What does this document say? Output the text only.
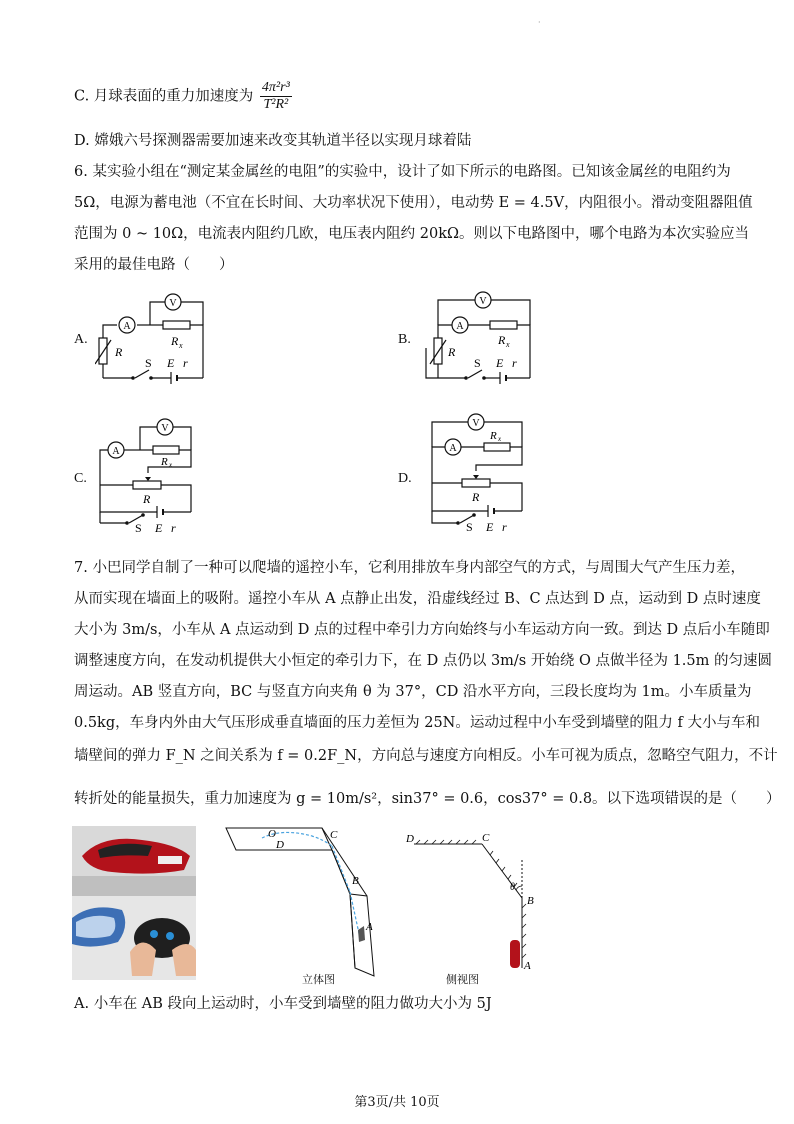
·
C. 月球表面的重力加速度为 $\frac{\text{4π²r³}}{\text{T²R²}}$
D. 嫦娥六号探测器需要加速来改变其轨道半径以实现月球着陆
6. 某实验小组在“测定某金属丝的电阻”的实验中，设计了如下所示的电路图。已知该金属丝的电阻约为
5Ω，电源为蓄电池（不宜在长时间、大功率状况下使用），电动势 E = 4.5V，内阻很小。滑动变阻器阻值
范围为 0 ~ 10Ω，电流表内阻约几欧，电压表内阻约 20kΩ。则以下电路图中，哪个电路为本次实验应当
采用的最佳电路（　　）
A.
A
V
R x
R
S E r
B.
A
V
R x
R
S E r
C.
A
V
R x
R
S E r
D.
A
V
R x
R
S E r
7. 小巴同学自制了一种可以爬墙的遥控小车，它利用排放车身内部空气的方式，与周围大气产生压力差，
从而实现在墙面上的吸附。遥控小车从 A 点静止出发，沿虚线经过 B、C 点达到 D 点，运动到 D 点时速度
大小为 3m/s，小车从 A 点运动到 D 点的过程中牵引力方向始终与小车运动方向一致。到达 D 点后小车随即
调整速度方向，在发动机提供大小恒定的牵引力下，在 D 点仍以 3m/s 开始绕 O 点做半径为 1.5m 的匀速圆
周运动。AB 竖直方向，BC 与竖直方向夹角 θ 为 37°，CD 沿水平方向，三段长度均为 1m。小车质量为
0.5kg，车身内外由大气压形成垂直墙面的压力差恒为 25N。运动过程中小车受到墙壁的阻力 f 大小与车和
墙壁间的弹力 F_N 之间关系为 f = 0.2F_N，方向总与速度方向相反。小车可视为质点，忽略空气阻力，不计
转折处的能量损失，重力加速度为 g = 10m/s²，sin37° = 0.6，cos37° = 0.8。以下选项错误的是（　　）
O
D
C
B
A
立体图
D	C
θ
B
A
侧视图
A. 小车在 AB 段向上运动时，小车受到墙壁的阻力做功大小为 5J
第3页/共 10页
